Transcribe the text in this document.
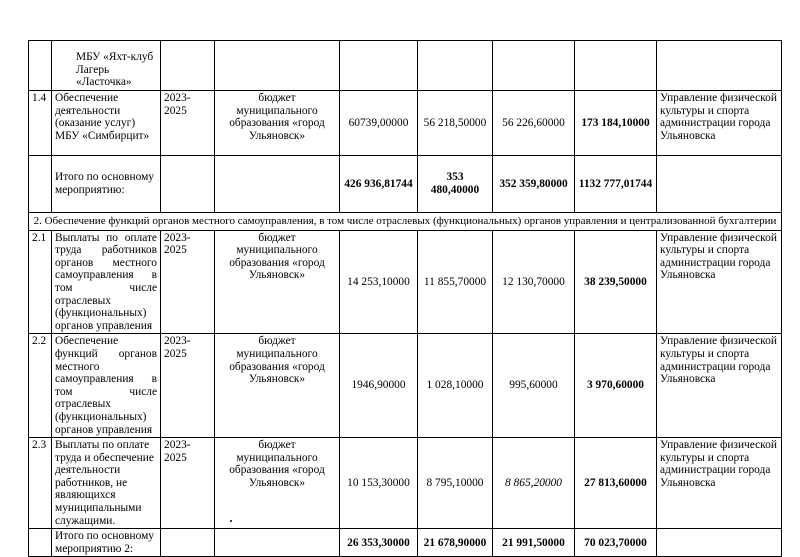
	МБУ «Яхт-клуб Лагерь «Ласточка»							
1.4	Обеспечение деятельности (оказание услуг) МБУ «Симбирцит»	2023-2025	бюджет муниципального образования «город Ульяновск»	60739,00000	56 218,50000	56 226,60000	173 184,10000	Управление физической культуры и спорта администрации города Ульяновска
	Итого по основному мероприятию:			426 936,81744	353 480,40000	352 359,80000	1132 777,01744	
2. Обеспечение функций органов местного самоуправления, в том числе отраслевых (функциональных) органов управления и централизованной бухгалтерии								
2.1	Выплаты по оплате труда работников органов местного самоуправления в том числе отраслевых (функциональных) органов управления	2023-2025	бюджет муниципального образования «город Ульяновск»	14 253,10000	11 855,70000	12 130,70000	38 239,50000	Управление физической культуры и спорта администрации города Ульяновска
2.2	Обеспечение функций органов местного самоуправления в том числе отраслевых (функциональных) органов управления	2023-2025	бюджет муниципального образования «город Ульяновск»	1946,90000	1 028,10000	995,60000	3 970,60000	Управление физической культуры и спорта администрации города Ульяновска
2.3	Выплаты по оплате труда и обеспечение деятельности работников, не являющихся муниципальными служащими.	2023-2025	бюджет муниципального образования «город Ульяновск»	10 153,30000	8 795,10000	8 865,20000	27 813,60000	Управление физической культуры и спорта администрации города Ульяновска
	Итого по основному мероприятию 2:			26 353,30000	21 678,90000	21 991,50000	70 023,70000	
